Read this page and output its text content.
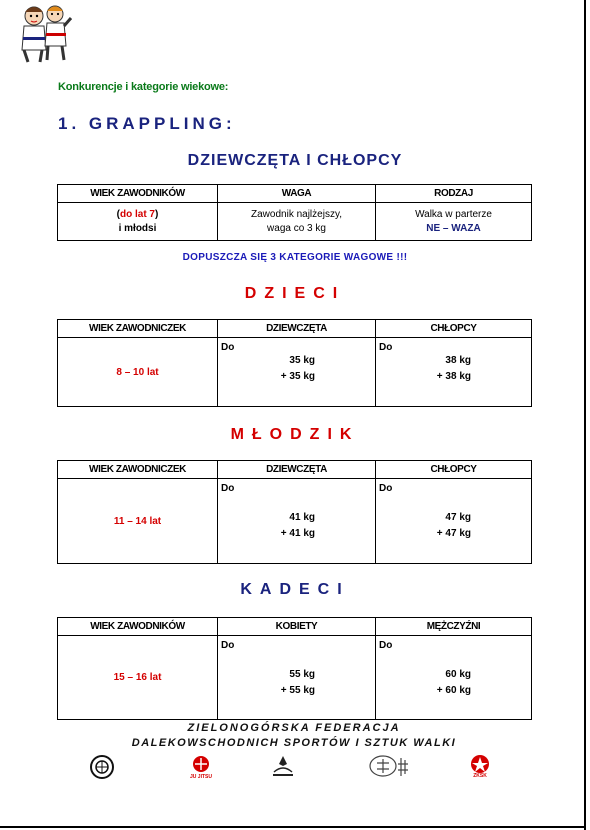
Konkurencje i kategorie wiekowe:
1. GRAPPLING:
DZIEWCZĘTA I CHŁOPCY
WIEK ZAWODNIKÓW	WAGA	RODZAJ
(do lat 7)
i młodsi	Zawodnik najlżejszy,
waga co 3 kg	Walka w parterze
NE – WAZA
DOPUSZCZA SIĘ 3 KATEGORIE WAGOWE !!!
DZIECI
WIEK ZAWODNICZEK	DZIEWCZĘTA	CHŁOPCY
8 – 10 lat	Do
35 kg
+ 35 kg	Do
38 kg
+ 38 kg
MŁODZIK
WIEK ZAWODNICZEK	DZIEWCZĘTA	CHŁOPCY
11 – 14 lat	Do
41 kg
+ 41 kg	Do
47 kg
+ 47 kg
KADECI
WIEK ZAWODNIKÓW	KOBIETY	MĘŻCZYŹNI
15 – 16 lat	Do
55 kg
+ 55 kg	Do
60 kg
+ 60 kg
ZIELONOGÓRSKA FEDERACJA
DALEKOWSCHODNICH SPORTÓW I SZTUK WALKI
JU JITSU	ZKSK
